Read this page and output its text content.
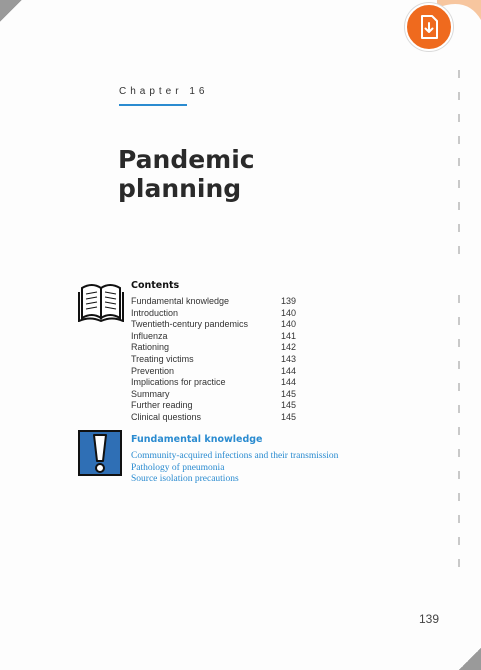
Chapter 16
Pandemic
planning
Contents
Fundamental knowledge	139
Introduction	140
Twentieth-century pandemics	140
Influenza	141
Rationing	142
Treating victims	143
Prevention	144
Implications for practice	144
Summary	145
Further reading	145
Clinical questions	145
Fundamental knowledge
Community-acquired infections and their transmission
Pathology of pneumonia
Source isolation precautions
139
